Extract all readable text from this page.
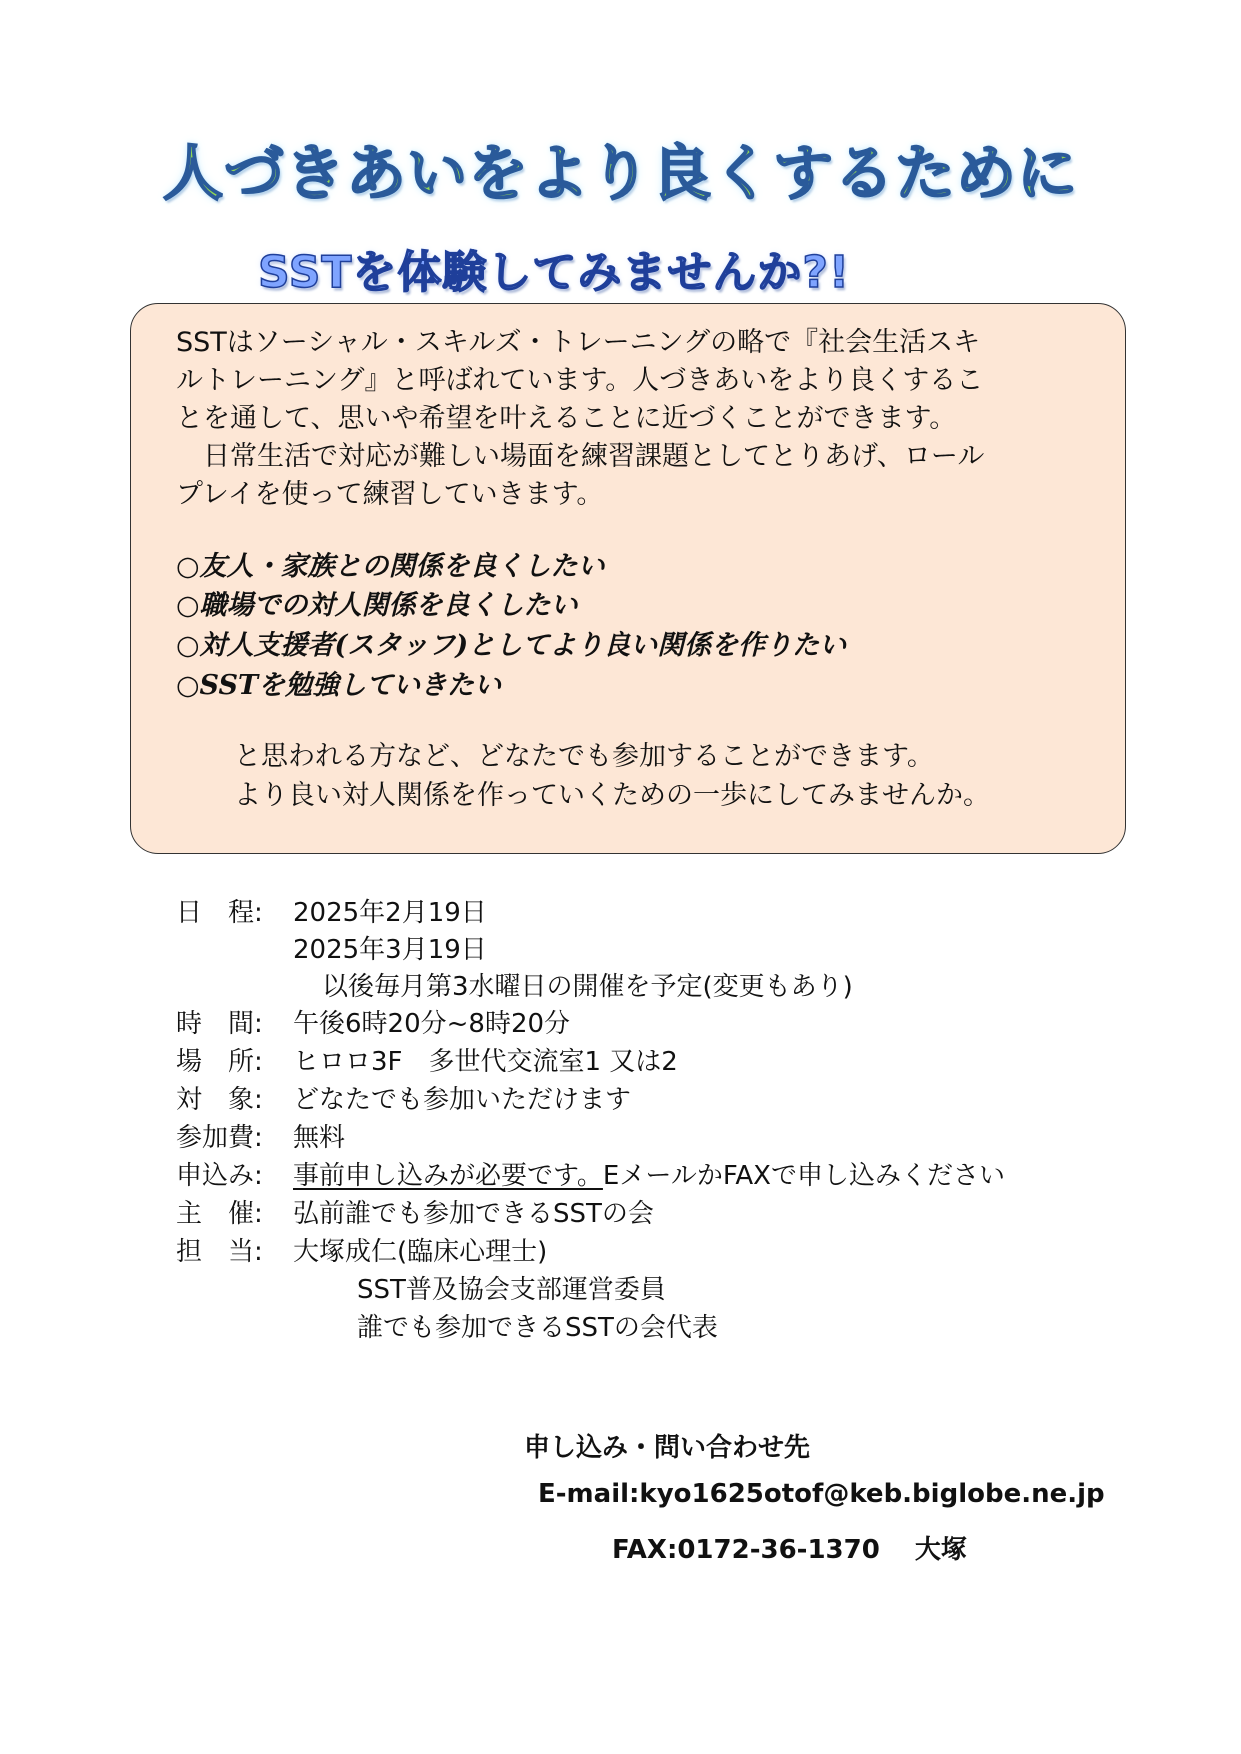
人づきあいをより良くするために
SSTを体験してみませんか?!
SSTはソーシャル・スキルズ・トレーニングの略で『社会生活スキ
ルトレーニング』と呼ばれています。人づきあいをより良くするこ
とを通して、思いや希望を叶えることに近づくことができます。
　日常生活で対応が難しい場面を練習課題としてとりあげ、ロール
プレイを使って練習していきます。
○友人・家族との関係を良くしたい
○職場での対人関係を良くしたい
○対人支援者(スタッフ)としてより良い関係を作りたい
○SSTを勉強していきたい
と思われる方など、どなたでも参加することができます。
より良い対人関係を作っていくための一歩にしてみませんか。
日　程: 2025年2月19日
2025年3月19日
以後毎月第3水曜日の開催を予定(変更もあり)
時　間: 午後6時20分~8時20分
場　所: ヒロロ3F　多世代交流室1 又は2
対　象: どなたでも参加いただけます
参加費: 無料
申込み: 事前申し込みが必要です。EメールかFAXで申し込みください
主　催: 弘前誰でも参加できるSSTの会
担　当: 大塚成仁(臨床心理士)
SST普及協会支部運営委員
誰でも参加できるSSTの会代表
申し込み・問い合わせ先
E-mail:kyo1625otof@keb.biglobe.ne.jp
FAX:0172-36-1370　 大塚
